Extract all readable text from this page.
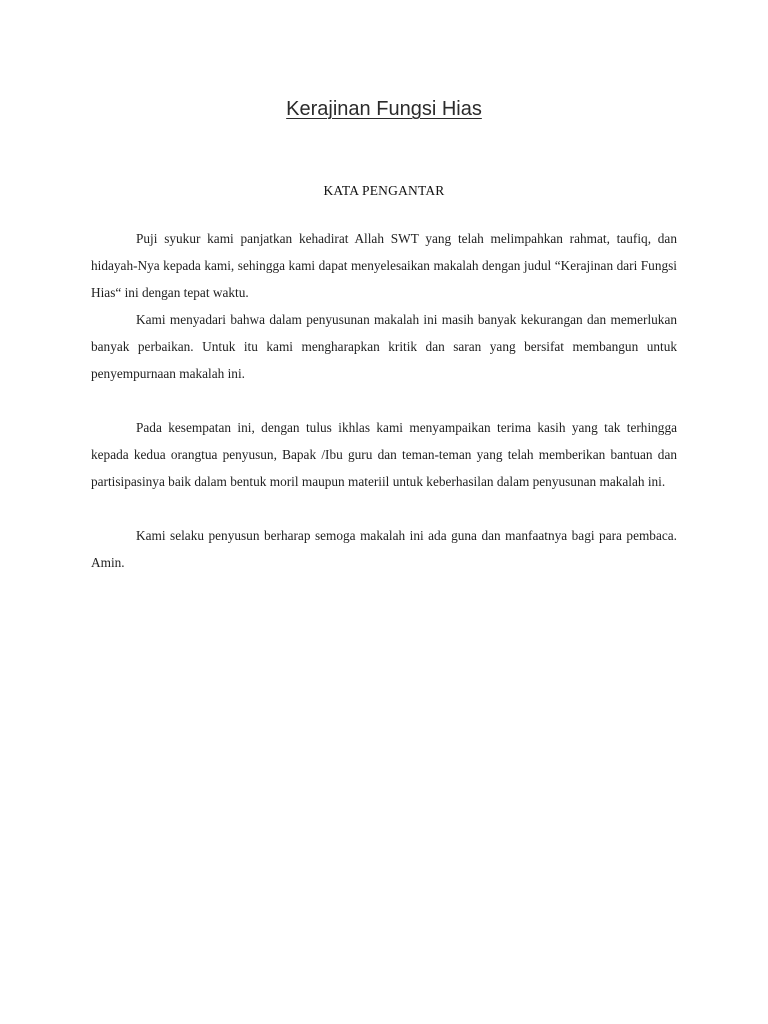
Kerajinan Fungsi Hias
KATA PENGANTAR

Puji syukur kami panjatkan kehadirat Allah SWT yang telah melimpahkan rahmat, taufiq, dan hidayah-Nya kepada kami, sehingga kami dapat menyelesaikan makalah dengan judul “Kerajinan dari Fungsi Hias“ ini dengan tepat waktu.

Kami menyadari bahwa dalam penyusunan makalah ini masih banyak kekurangan dan memerlukan banyak perbaikan. Untuk itu kami mengharapkan kritik dan saran yang bersifat membangun untuk penyempurnaan makalah ini.

Pada kesempatan ini, dengan tulus ikhlas kami menyampaikan terima kasih yang tak terhingga kepada kedua orangtua penyusun, Bapak /Ibu guru dan teman-teman yang telah memberikan bantuan dan partisipasinya baik dalam bentuk moril maupun materiil untuk keberhasilan dalam penyusunan makalah ini.

Kami selaku penyusun berharap semoga makalah ini ada guna dan manfaatnya bagi para pembaca. Amin.
